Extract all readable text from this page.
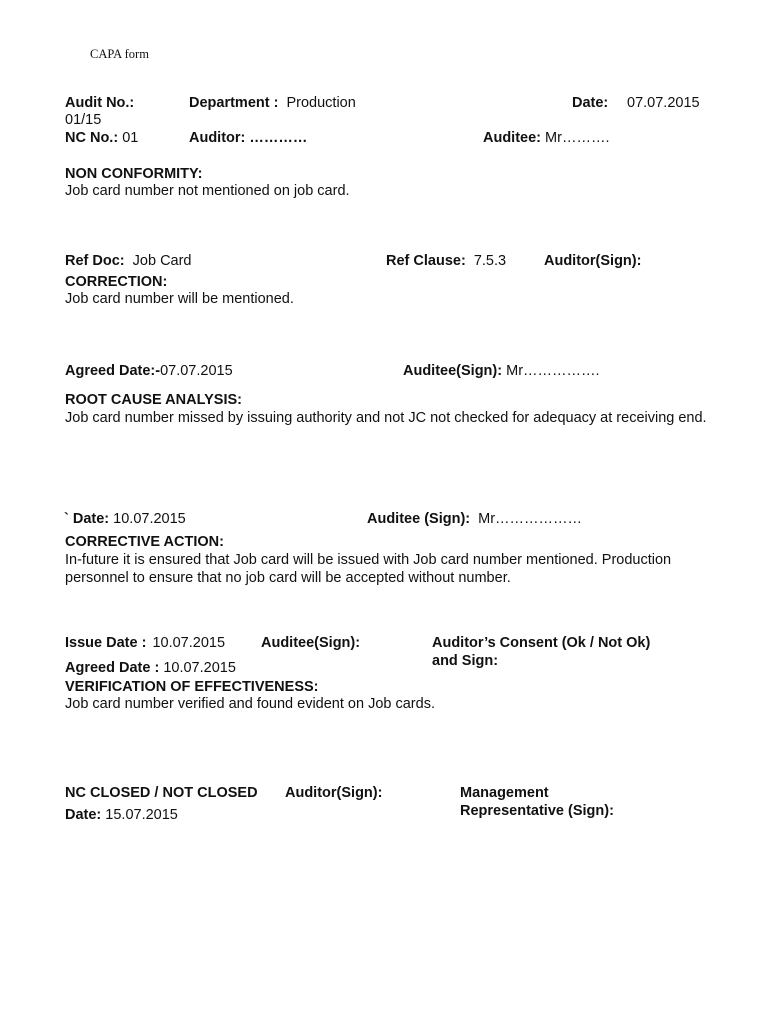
CAPA form
Audit No.:
01/15
Department : Production	Date: 07.07.2015
NC No.: 01	Auditor: …………	Auditee: Mr……….
NON CONFORMITY:
Job card number not mentioned on job card.
Ref Doc: Job Card	Ref Clause: 7.5.3	Auditor(Sign):
CORRECTION:
Job card number will be mentioned.
Agreed Date:-07.07.2015	Auditee(Sign): Mr…………….
ROOT CAUSE ANALYSIS:
Job card number missed by issuing authority and not JC not checked for adequacy at receiving end.
` Date: 10.07.2015	Auditee (Sign): Mr………………
CORRECTIVE ACTION:
In-future it is ensured that Job card will be issued with Job card number mentioned. Production personnel to ensure that no job card will be accepted without number.
Issue Date : 10.07.2015 Auditee(Sign):	Auditor’s Consent (Ok / Not Ok)
and Sign:
Agreed Date : 10.07.2015
VERIFICATION OF EFFECTIVENESS:
Job card number verified and found evident on Job cards.
NC CLOSED / NOT CLOSED Auditor(Sign):	Management
Representative (Sign):
Date: 15.07.2015
